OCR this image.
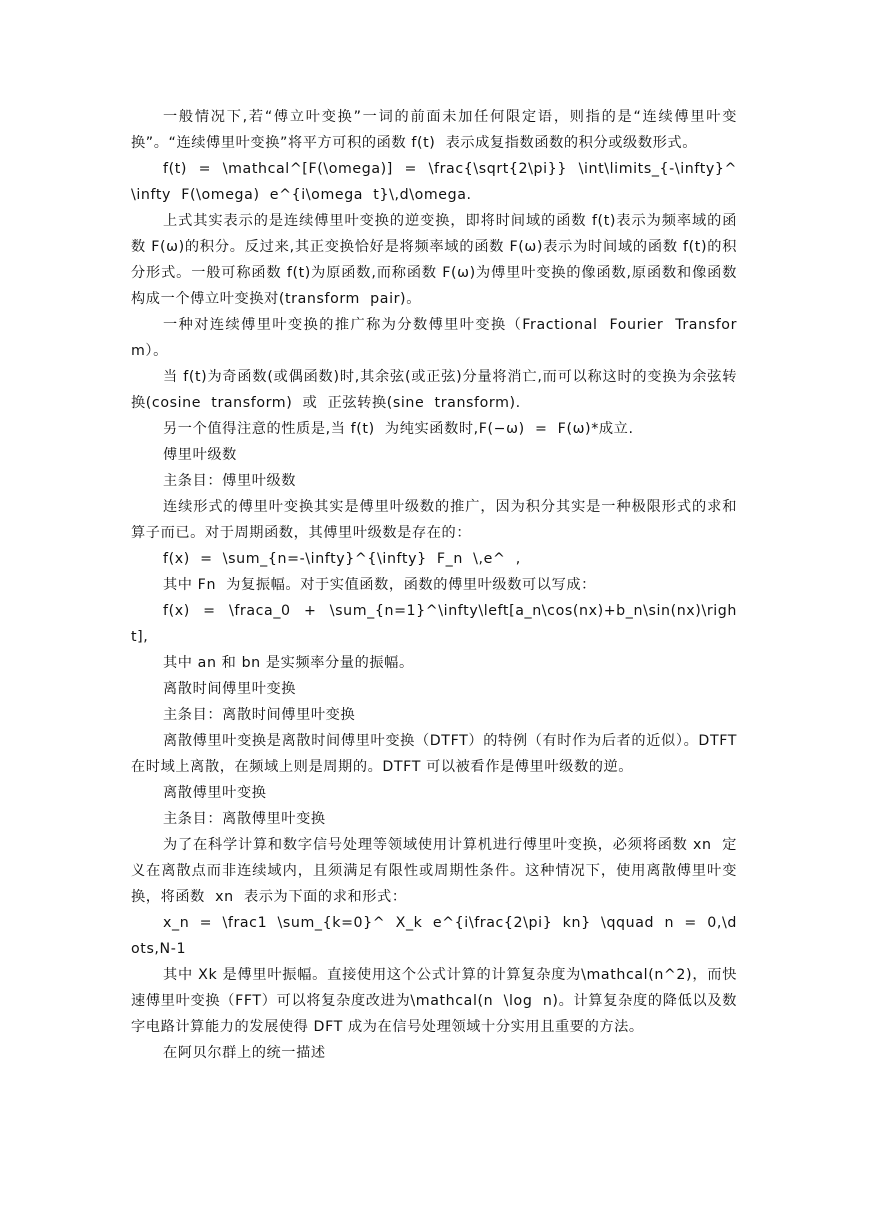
一般情况下,若“傅立叶变换”一词的前面未加任何限定语，则指的是“连续傅里叶变换”。“连续傅里叶变换”将平方可积的函数 f(t)  表示成复指数函数的积分或级数形式。

f(t)  =  \mathcal^[F(\omega)]  =  \frac{\sqrt{2\pi}}  \int\limits_{-\infty}^\infty  F(\omega)  e^{i\omega  t}\,d\omega.

上式其实表示的是连续傅里叶变换的逆变换，即将时间域的函数 f(t)表示为频率域的函数 F(ω)的积分。反过来,其正变换恰好是将频率域的函数 F(ω)表示为时间域的函数 f(t)的积分形式。一般可称函数 f(t)为原函数,而称函数 F(ω)为傅里叶变换的像函数,原函数和像函数构成一个傅立叶变换对(transform  pair)。

一种对连续傅里叶变换的推广称为分数傅里叶变换（Fractional  Fourier  Transform）。

当 f(t)为奇函数(或偶函数)时,其余弦(或正弦)分量将消亡,而可以称这时的变换为余弦转换(cosine  transform)  或  正弦转换(sine  transform).

另一个值得注意的性质是,当 f(t)  为纯实函数时,F(−ω)  =  F(ω)*成立.

傅里叶级数

主条目：傅里叶级数

连续形式的傅里叶变换其实是傅里叶级数的推广，因为积分其实是一种极限形式的求和算子而已。对于周期函数，其傅里叶级数是存在的：

f(x)  =  \sum_{n=-\infty}^{\infty}  F_n  \,e^  ,

其中 Fn  为复振幅。对于实值函数，函数的傅里叶级数可以写成：

f(x)  =  \fraca_0  +  \sum_{n=1}^\infty\left[a_n\cos(nx)+b_n\sin(nx)\right],

其中 an 和 bn 是实频率分量的振幅。

离散时间傅里叶变换

主条目：离散时间傅里叶变换

离散傅里叶变换是离散时间傅里叶变换（DTFT）的特例（有时作为后者的近似）。DTFT 在时域上离散，在频域上则是周期的。DTFT 可以被看作是傅里叶级数的逆。

离散傅里叶变换

主条目：离散傅里叶变换

为了在科学计算和数字信号处理等领域使用计算机进行傅里叶变换，必须将函数 xn  定义在离散点而非连续域内，且须满足有限性或周期性条件。这种情况下，使用离散傅里叶变换，将函数  xn  表示为下面的求和形式：

x_n  =  \frac1  \sum_{k=0}^  X_k  e^{i\frac{2\pi}  kn}  \qquad  n  =  0,\dots,N-1

其中 Xk 是傅里叶振幅。直接使用这个公式计算的计算复杂度为\mathcal(n^2)，而快速傅里叶变换（FFT）可以将复杂度改进为\mathcal(n  \log  n)。计算复杂度的降低以及数字电路计算能力的发展使得 DFT 成为在信号处理领域十分实用且重要的方法。

在阿贝尔群上的统一描述
